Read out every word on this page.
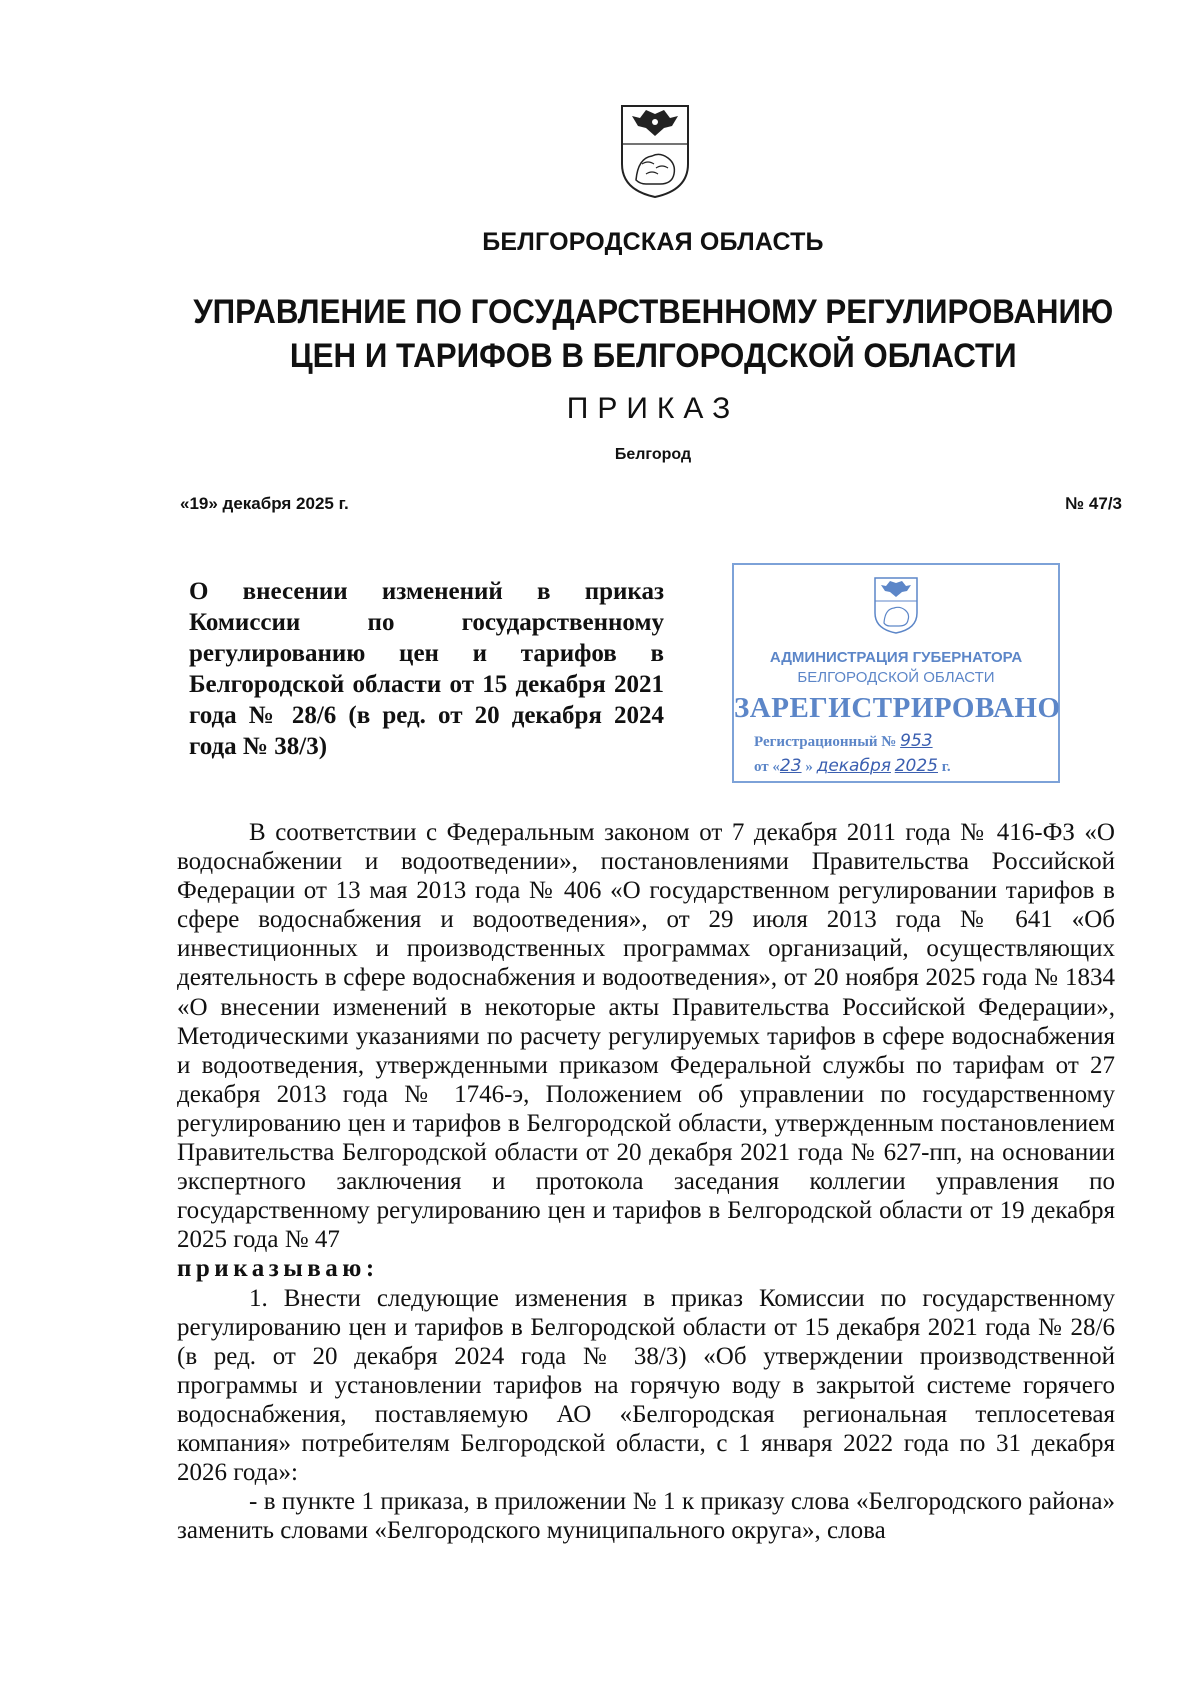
БЕЛГОРОДСКАЯ ОБЛАСТЬ
УПРАВЛЕНИЕ ПО ГОСУДАРСТВЕННОМУ РЕГУЛИРОВАНИЮ
ЦЕН И ТАРИФОВ В БЕЛГОРОДСКОЙ ОБЛАСТИ
ПРИКАЗ
Белгород
«19» декабря 2025 г.	№ 47/3
О внесении изменений в приказ Комиссии по государственному регулированию цен и тарифов в Белгородской области от 15 декабря 2021 года № 28/6 (в ред. от 20 декабря 2024 года № 38/3)
АДМИНИСТРАЦИЯ ГУБЕРНАТОРА
БЕЛГОРОДСКОЙ ОБЛАСТИ
ЗАРЕГИСТРИРОВАНО
Регистрационный № 953
от «23 » декабря 2025 г.

В соответствии с Федеральным законом от 7 декабря 2011 года № 416-ФЗ «О водоснабжении и водоотведении», постановлениями Правительства Российской Федерации от 13 мая 2013 года № 406 «О государственном регулировании тарифов в сфере водоснабжения и водоотведения», от 29 июля 2013 года № 641 «Об инвестиционных и производственных программах организаций, осуществляющих деятельность в сфере водоснабжения и водоотведения», от 20 ноября 2025 года № 1834 «О внесении изменений в некоторые акты Правительства Российской Федерации», Методическими указаниями по расчету регулируемых тарифов в сфере водоснабжения и водоотведения, утвержденными приказом Федеральной службы по тарифам от 27 декабря 2013 года № 1746-э, Положением об управлении по государственному регулированию цен и тарифов в Белгородской области, утвержденным постановлением Правительства Белгородской области от 20 декабря 2021 года № 627-пп, на основании экспертного заключения и протокола заседания коллегии управления по государственному регулированию цен и тарифов в Белгородской области от 19 декабря 2025 года № 47

приказываю:

1. Внести следующие изменения в приказ Комиссии по государственному регулированию цен и тарифов в Белгородской области от 15 декабря 2021 года № 28/6 (в ред. от 20 декабря 2024 года № 38/3) «Об утверждении производственной программы и установлении тарифов на горячую воду в закрытой системе горячего водоснабжения, поставляемую АО «Белгородская региональная теплосетевая компания» потребителям Белгородской области, с 1 января 2022 года по 31 декабря 2026 года»:

- в пункте 1 приказа, в приложении № 1 к приказу слова «Белгородского района» заменить словами «Белгородского муниципального округа», слова
